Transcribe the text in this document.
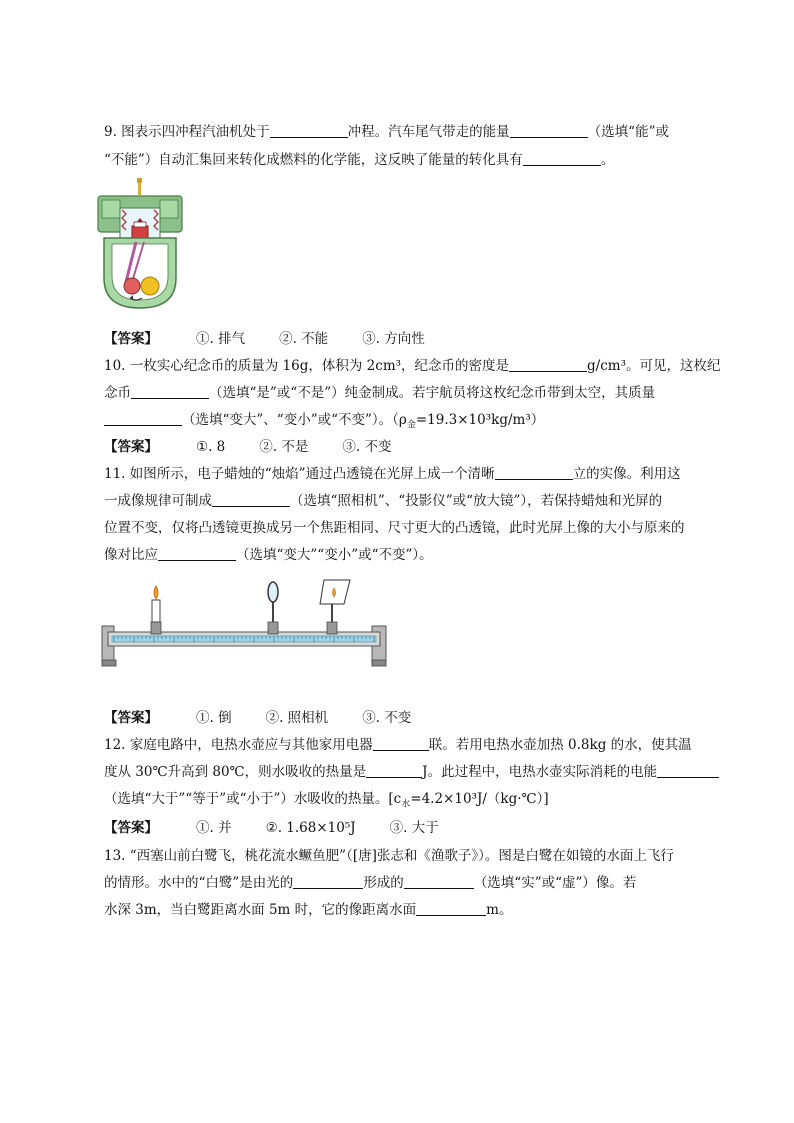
9. 图表示四冲程汽油机处于	冲程。汽车尾气带走的能量	（选填“能”或
“不能”）自动汇集回来转化成燃料的化学能，这反映了能量的转化具有	。
【答案】	①. 排气	②. 不能	③. 方向性
10. 一枚实心纪念币的质量为 16g，体积为 2cm³，纪念币的密度是	g/cm³。可见，这枚纪
念币	（选填“是”或“不是”）纯金制成。若宇航员将这枚纪念币带到太空，其质量
（选填“变大”、“变小”或“不变”）。$(\rho_金=19.3\times 10^3kg/m^3)$
【答案】	①. 8	②. 不是	③. 不变
11. 如图所示，电子蜡烛的“烛焰”通过凸透镜在光屏上成一个清晰	立的实像。利用这
一成像规律可制成	（选填“照相机”、“投影仪”或“放大镜”），若保持蜡烛和光屏的
位置不变，仅将凸透镜更换成另一个焦距相同、尺寸更大的凸透镜，此时光屏上像的大小与原来的
像对比应	（选填“变大”“变小”或“不变”）。
【答案】	①. 倒	②. 照相机	③. 不变
12. 家庭电路中，电热水壶应与其他家用电器	联。若用电热水壶加热 0.8kg 的水，使其温
度从 30℃升高到 80℃，则水吸收的热量是	J。此过程中，电热水壶实际消耗的电能
（选填“大于”“等于”或“小于”）水吸收的热量。$[c_水=4.2\times 10^3J/(kg\cdot℃)]$
【答案】	①. 并	②. 1.68×10⁵J	③. 大于
13. “西塞山前白鹭飞，桃花流水鳜鱼肥”（[唐]张志和《渔歌子》）。图是白鹭在如镜的水面上飞行
的情形。水中的“白鹭”是由光的	形成的	（选填“实”或“虚”）像。若
水深 3m，当白鹭距离水面 5m 时，它的像距离水面	m。
